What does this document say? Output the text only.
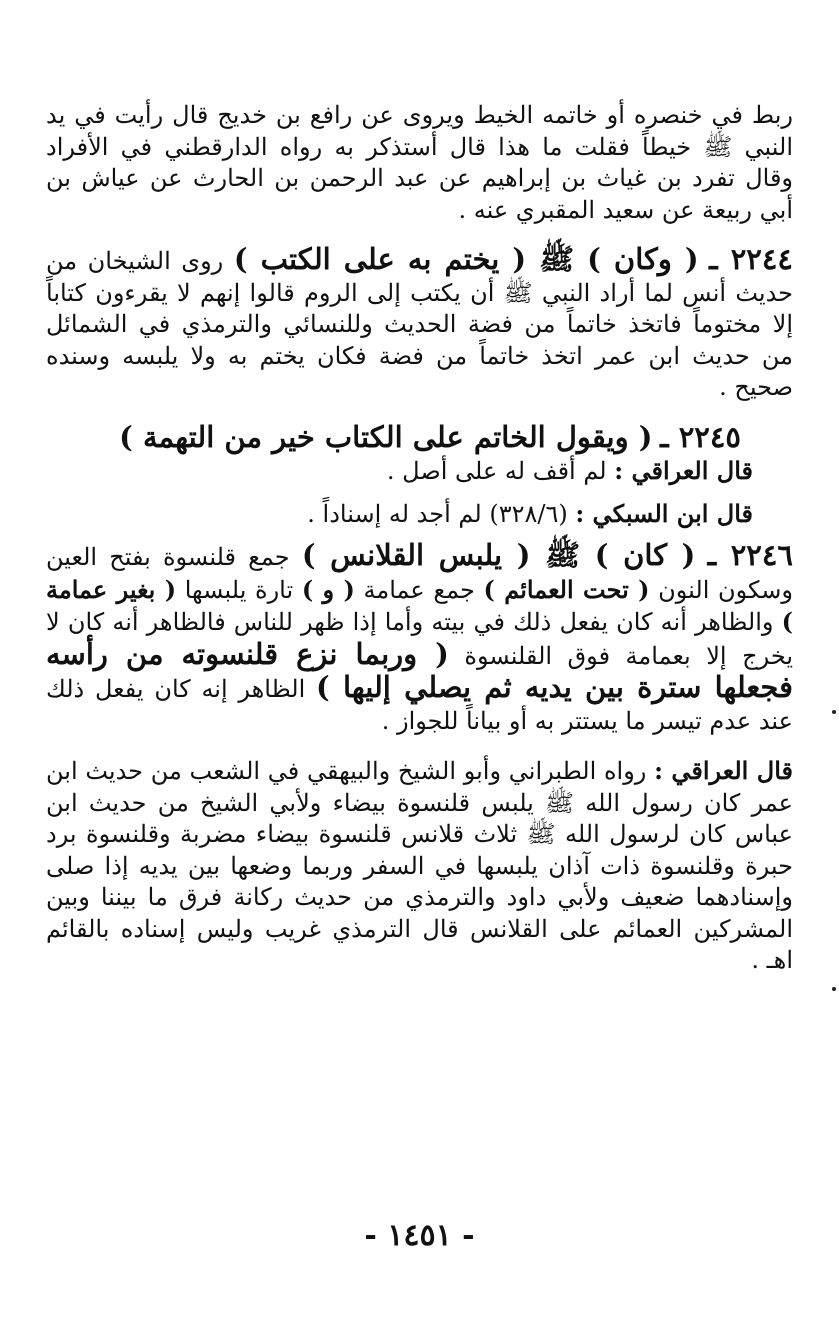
ربط في خنصره أو خاتمه الخيط ويروى عن رافع بن خديج قال رأيت في يد النبي ﷺ خيطاً فقلت ما هذا قال أستذكر به رواه الدارقطني في الأفراد وقال تفرد بن غياث بن إبراهيم عن عبد الرحمن بن الحارث عن عياش بن أبي ربيعة عن سعيد المقبري عنه .

٢٢٤٤ ـ ( وكان ) ﷺ ( يختم به على الكتب ) روى الشيخان من حديث أنس لما أراد النبي ﷺ أن يكتب إلى الروم قالوا إنهم لا يقرءون كتاباً إلا مختوماً فاتخذ خاتماً من فضة الحديث وللنسائي والترمذي في الشمائل من حديث ابن عمر اتخذ خاتماً من فضة فكان يختم به ولا يلبسه وسنده صحيح .

٢٢٤٥ ـ ( ويقول الخاتم على الكتاب خير من التهمة )

قال العراقي : لم أقف له على أصل .

قال ابن السبكي : (٣٢٨/٦) لم أجد له إسناداً .

٢٢٤٦ ـ ( كان ) ﷺ ( يلبس القلانس ) جمع قلنسوة بفتح العين وسكون النون ( تحت العمائم ) جمع عمامة ( و ) تارة يلبسها ( بغير عمامة ) والظاهر أنه كان يفعل ذلك في بيته وأما إذا ظهر للناس فالظاهر أنه كان لا يخرج إلا بعمامة فوق القلنسوة ( وربما نزع قلنسوته من رأسه فجعلها سترة بين يديه ثم يصلي إليها ) الظاهر إنه كان يفعل ذلك عند عدم تيسر ما يستتر به أو بياناً للجواز .

قال العراقي : رواه الطبراني وأبو الشيخ والبيهقي في الشعب من حديث ابن عمر كان رسول الله ﷺ يلبس قلنسوة بيضاء ولأبي الشيخ من حديث ابن عباس كان لرسول الله ﷺ ثلاث قلانس قلنسوة بيضاء مضربة وقلنسوة برد حبرة وقلنسوة ذات آذان يلبسها في السفر وربما وضعها بين يديه إذا صلى وإسنادهما ضعيف ولأبي داود والترمذي من حديث ركانة فرق ما بيننا وبين المشركين العمائم على القلانس قال الترمذي غريب وليس إسناده بالقائم اهـ .

- ١٤٥١ -
